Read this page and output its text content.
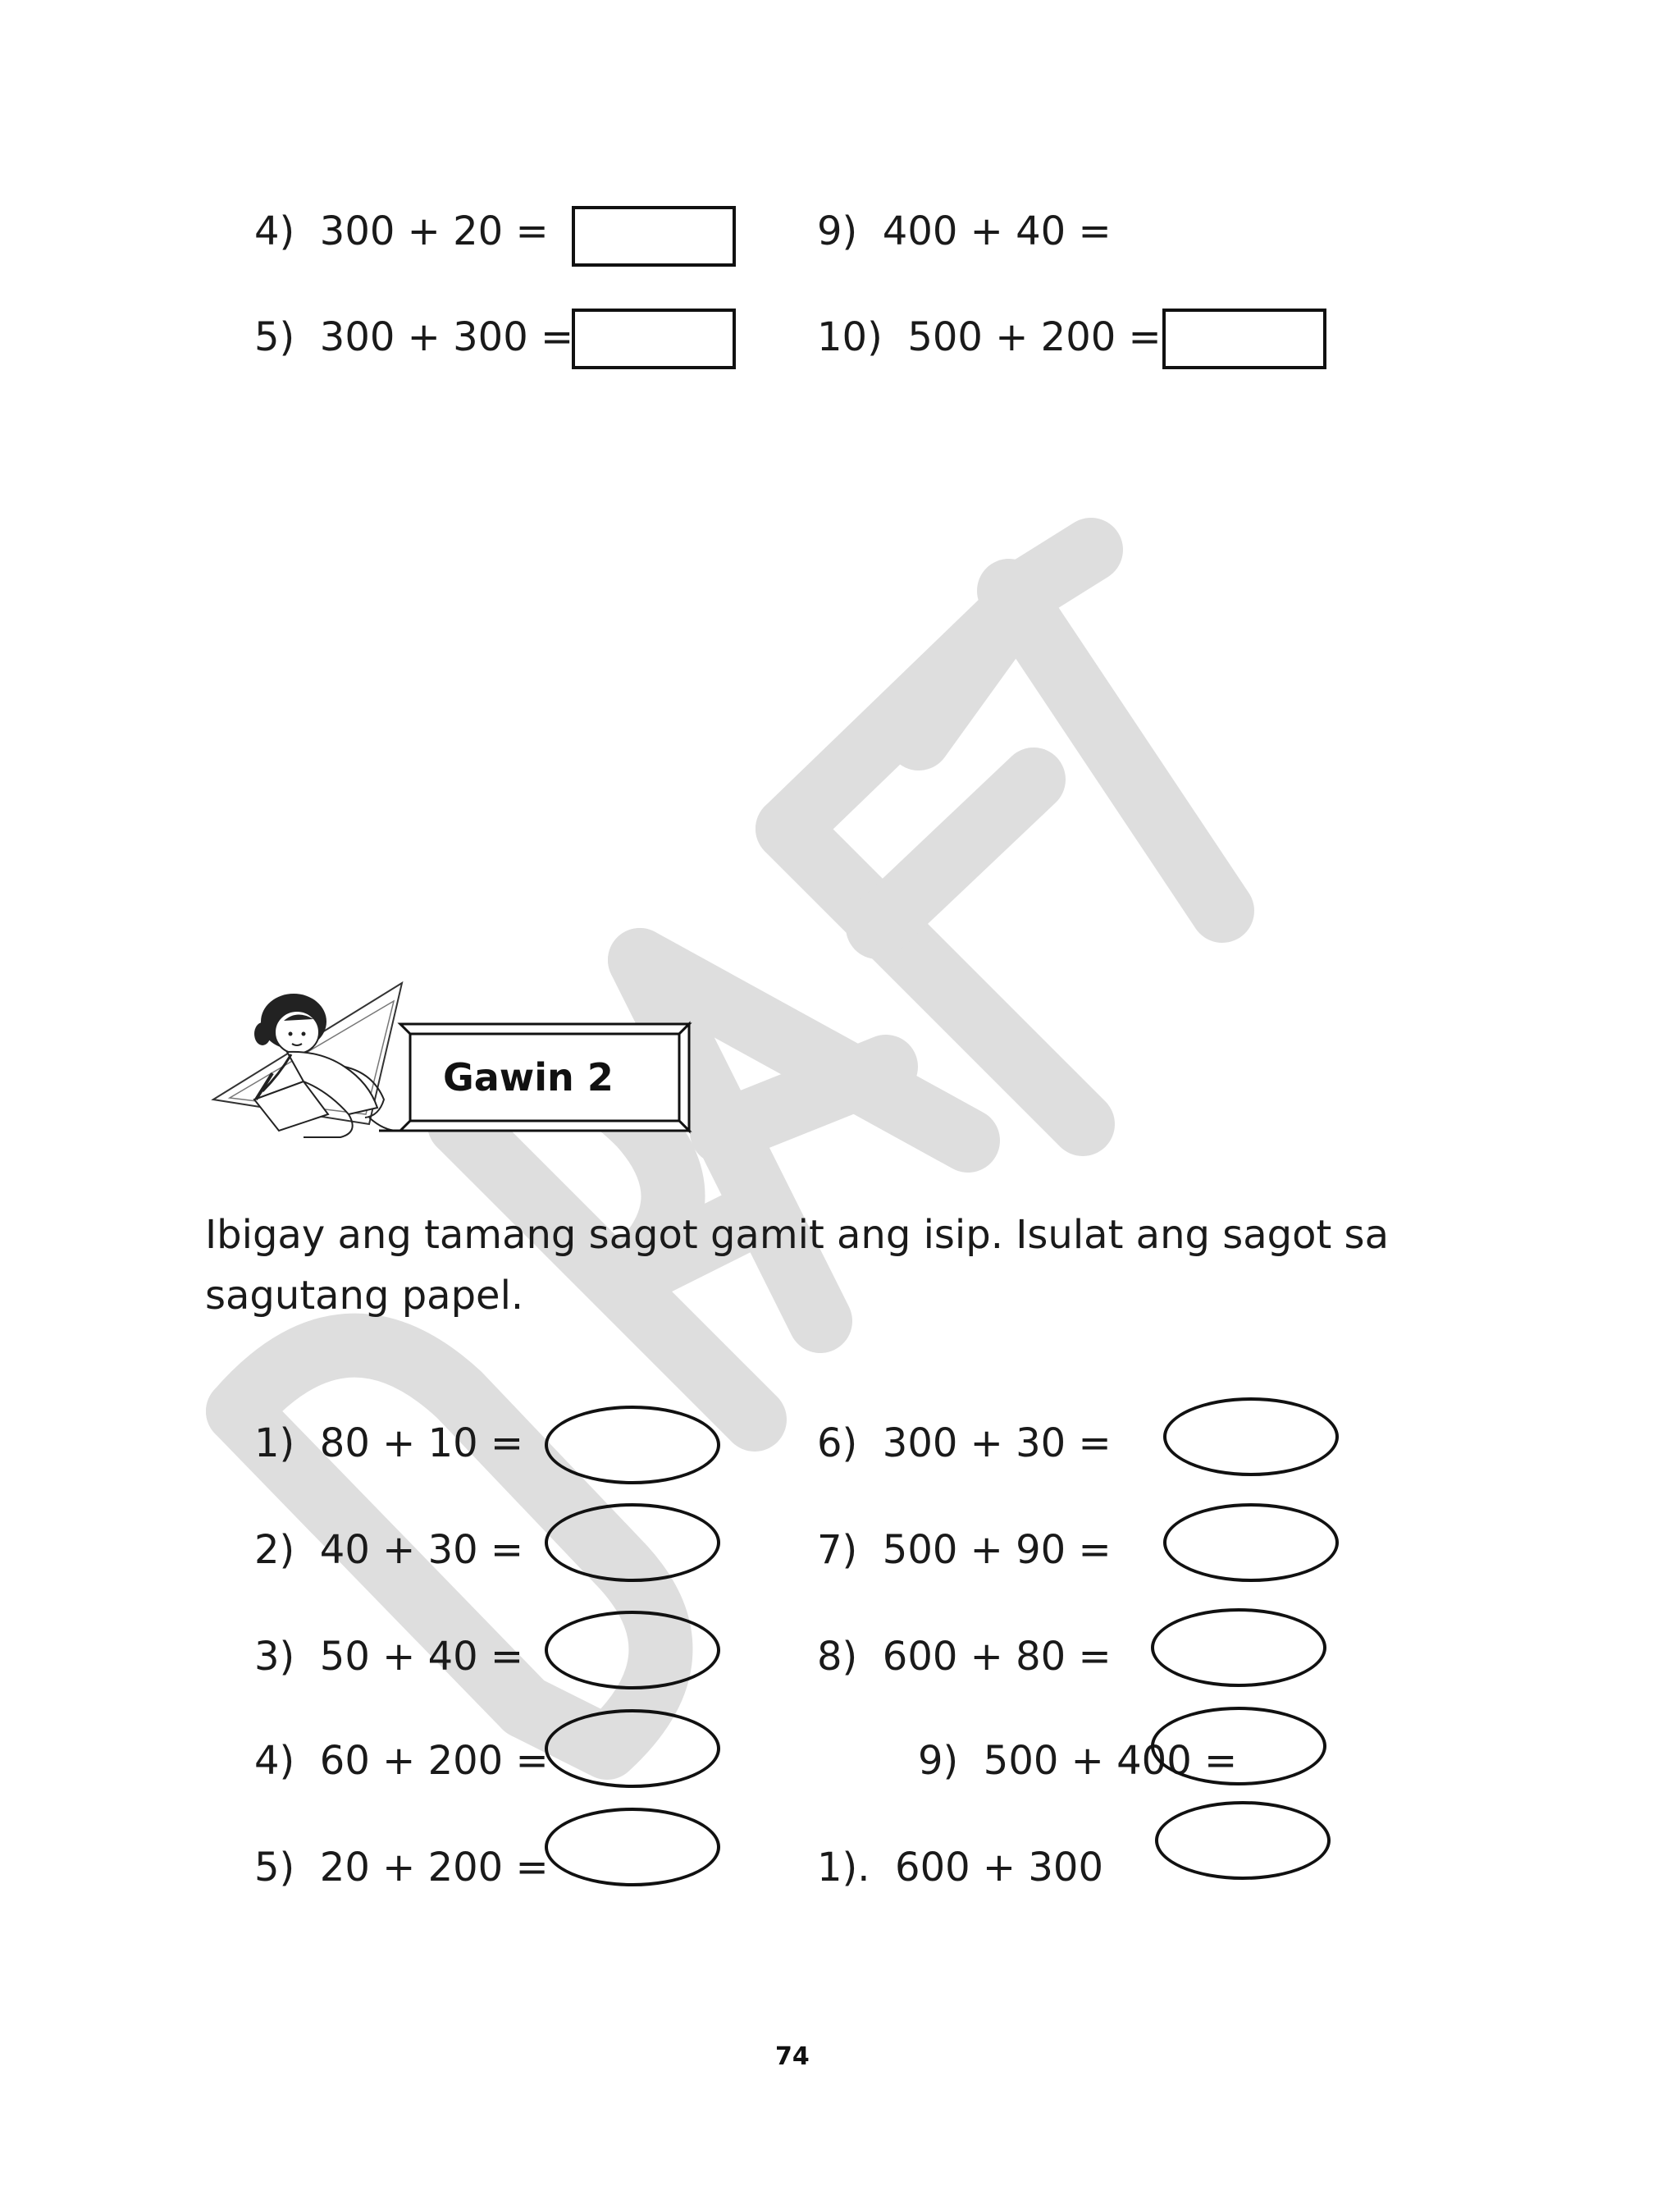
4)  300 + 20 =
5)  300 + 300 =
9)  400 + 40 =
10)  500 + 200 =
Gawin 2
Ibigay ang tamang sagot gamit ang isip. Isulat ang sagot sa sagutang papel.
1)  80 + 10 =
2)  40 + 30 =
3)  50 + 40 =
4)  60 + 200 =
5)  20 + 200 =
6)  300 + 30 =
7)  500 + 90 =
8)  600 + 80 =
9)  500 + 400 =
1).  600 + 300
74
